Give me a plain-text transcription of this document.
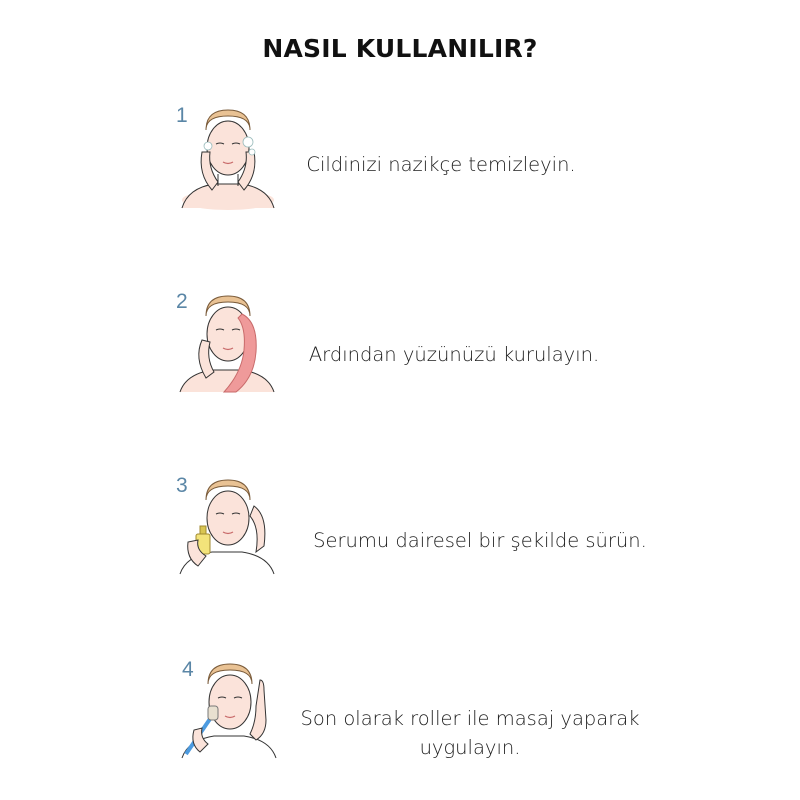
NASIL KULLANILIR?
1
Cildinizi nazikçe temizleyin.
2
Ardından yüzünüzü kurulayın.
3
Serumu dairesel bir şekilde sürün.
4
Son olarak roller ile masaj yaparak
uygulayın.
